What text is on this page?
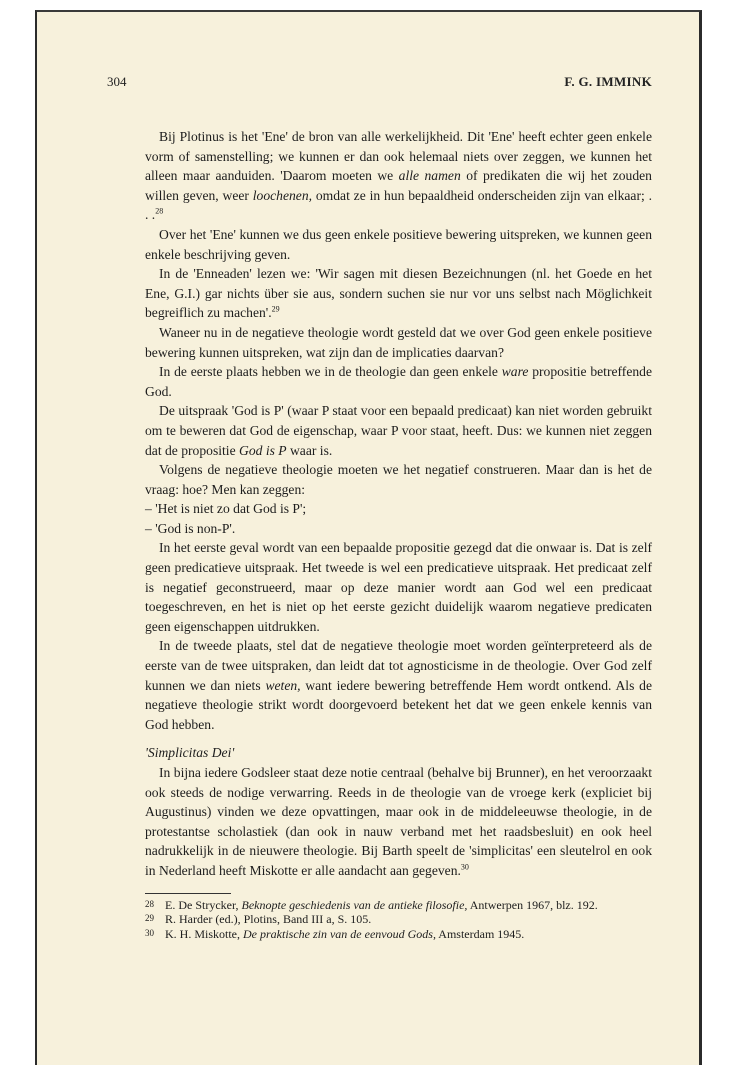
304	F. G. IMMINK

Bij Plotinus is het 'Ene' de bron van alle werkelijkheid. Dit 'Ene' heeft echter geen enkele vorm of samenstelling; we kunnen er dan ook helemaal niets over zeggen, we kunnen het alleen maar aanduiden. 'Daarom moeten we alle namen of predikaten die wij het zouden willen geven, weer loochenen, omdat ze in hun bepaaldheid onderscheiden zijn van elkaar; . . .$^{28}$

Over het 'Ene' kunnen we dus geen enkele positieve bewering uitspreken, we kunnen geen enkele beschrijving geven.

In de 'Enneaden' lezen we: 'Wir sagen mit diesen Bezeichnungen (nl. het Goede en het Ene, G.I.) gar nichts über sie aus, sondern suchen sie nur vor uns selbst nach Möglichkeit begreiflich zu machen'.$^{29}$

Waneer nu in de negatieve theologie wordt gesteld dat we over God geen enkele positieve bewering kunnen uitspreken, wat zijn dan de implicaties daarvan?

In de eerste plaats hebben we in de theologie dan geen enkele ware propositie betreffende God.

De uitspraak 'God is P' (waar P staat voor een bepaald predicaat) kan niet worden gebruikt om te beweren dat God de eigenschap, waar P voor staat, heeft. Dus: we kunnen niet zeggen dat de propositie God is P waar is.

Volgens de negatieve theologie moeten we het negatief construeren. Maar dan is het de vraag: hoe? Men kan zeggen:

– 'Het is niet zo dat God is P';

– 'God is non-P'.

In het eerste geval wordt van een bepaalde propositie gezegd dat die onwaar is. Dat is zelf geen predicatieve uitspraak. Het tweede is wel een predicatieve uitspraak. Het predicaat zelf is negatief geconstrueerd, maar op deze manier wordt aan God wel een predicaat toegeschreven, en het is niet op het eerste gezicht duidelijk waarom negatieve predicaten geen eigenschappen uitdrukken.

In de tweede plaats, stel dat de negatieve theologie moet worden geïnterpreteerd als de eerste van de twee uitspraken, dan leidt dat tot agnosticisme in de theologie. Over God zelf kunnen we dan niets weten, want iedere bewering betreffende Hem wordt ontkend. Als de negatieve theologie strikt wordt doorgevoerd betekent het dat we geen enkele kennis van God hebben.

'Simplicitas Dei'

In bijna iedere Godsleer staat deze notie centraal (behalve bij Brunner), en het veroorzaakt ook steeds de nodige verwarring. Reeds in de theologie van de vroege kerk (expliciet bij Augustinus) vinden we deze opvattingen, maar ook in de middeleeuwse theologie, in de protestantse scholastiek (dan ook in nauw verband met het raadsbesluit) en ook heel nadrukkelijk in de nieuwere theologie. Bij Barth speelt de 'simplicitas' een sleutelrol en ook in Nederland heeft Miskotte er alle aandacht aan gegeven.$^{30}$

28 E. De Strycker, Beknopte geschiedenis van de antieke filosofie, Antwerpen 1967, blz. 192.
29 R. Harder (ed.), Plotins, Band III a, S. 105.
30 K. H. Miskotte, De praktische zin van de eenvoud Gods, Amsterdam 1945.
